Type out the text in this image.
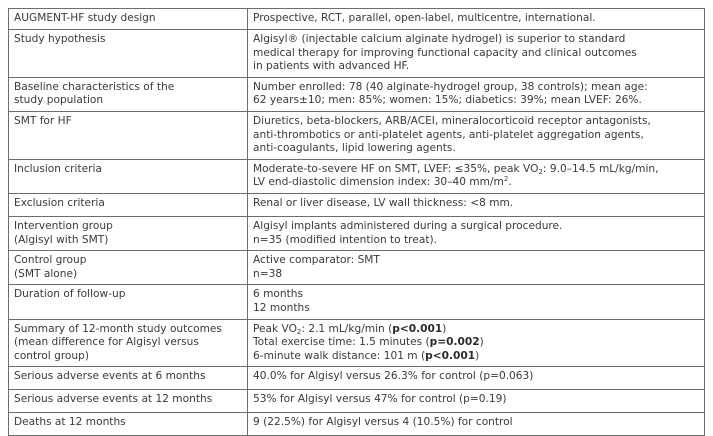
AUGMENT-HF study design	Prospective, RCT, parallel, open-label, multicentre, international.
Study hypothesis	Algisyl® (injectable calcium alginate hydrogel) is superior to standard
medical therapy for improving functional capacity and clinical outcomes
in patients with advanced HF.

Baseline characteristics of the
study population	Number enrolled: 78 (40 alginate-hydrogel group, 38 controls); mean age:
62 years±10; men: 85%; women: 15%; diabetics: 39%; mean LVEF: 26%.

SMT for HF	Diuretics, beta-blockers, ARB/ACEI, mineralocorticoid receptor antagonists,
anti-thrombotics or anti-platelet agents, anti-platelet aggregation agents,
anti-coagulants, lipid lowering agents.

Inclusion criteria	Moderate-to-severe HF on SMT, LVEF: ≤35%, peak $VO_2$: 9.0–14.5 mL/kg/min,
LV end-diastolic dimension index: 30–40 $mm/m^2$.

Exclusion criteria	Renal or liver disease, LV wall thickness: <8 mm.

Intervention group
(Algisyl with SMT)	Algisyl implants administered during a surgical procedure.
n=35 (modified intention to treat).

Control group
(SMT alone)	Active comparator: SMT
n=38

Duration of follow-up	6 months
12 months

Summary of 12-month study outcomes
(mean difference for Algisyl versus
control group)	Peak $VO_2$: 2.1 mL/kg/min (p<0.001)
Total exercise time: 1.5 minutes (p=0.002)
6-minute walk distance: 101 m (p<0.001)

Serious adverse events at 6 months	40.0% for Algisyl versus 26.3% for control (p=0.063)
Serious adverse events at 12 months	53% for Algisyl versus 47% for control (p=0.19)
Deaths at 12 months	9 (22.5%) for Algisyl versus 4 (10.5%) for control
